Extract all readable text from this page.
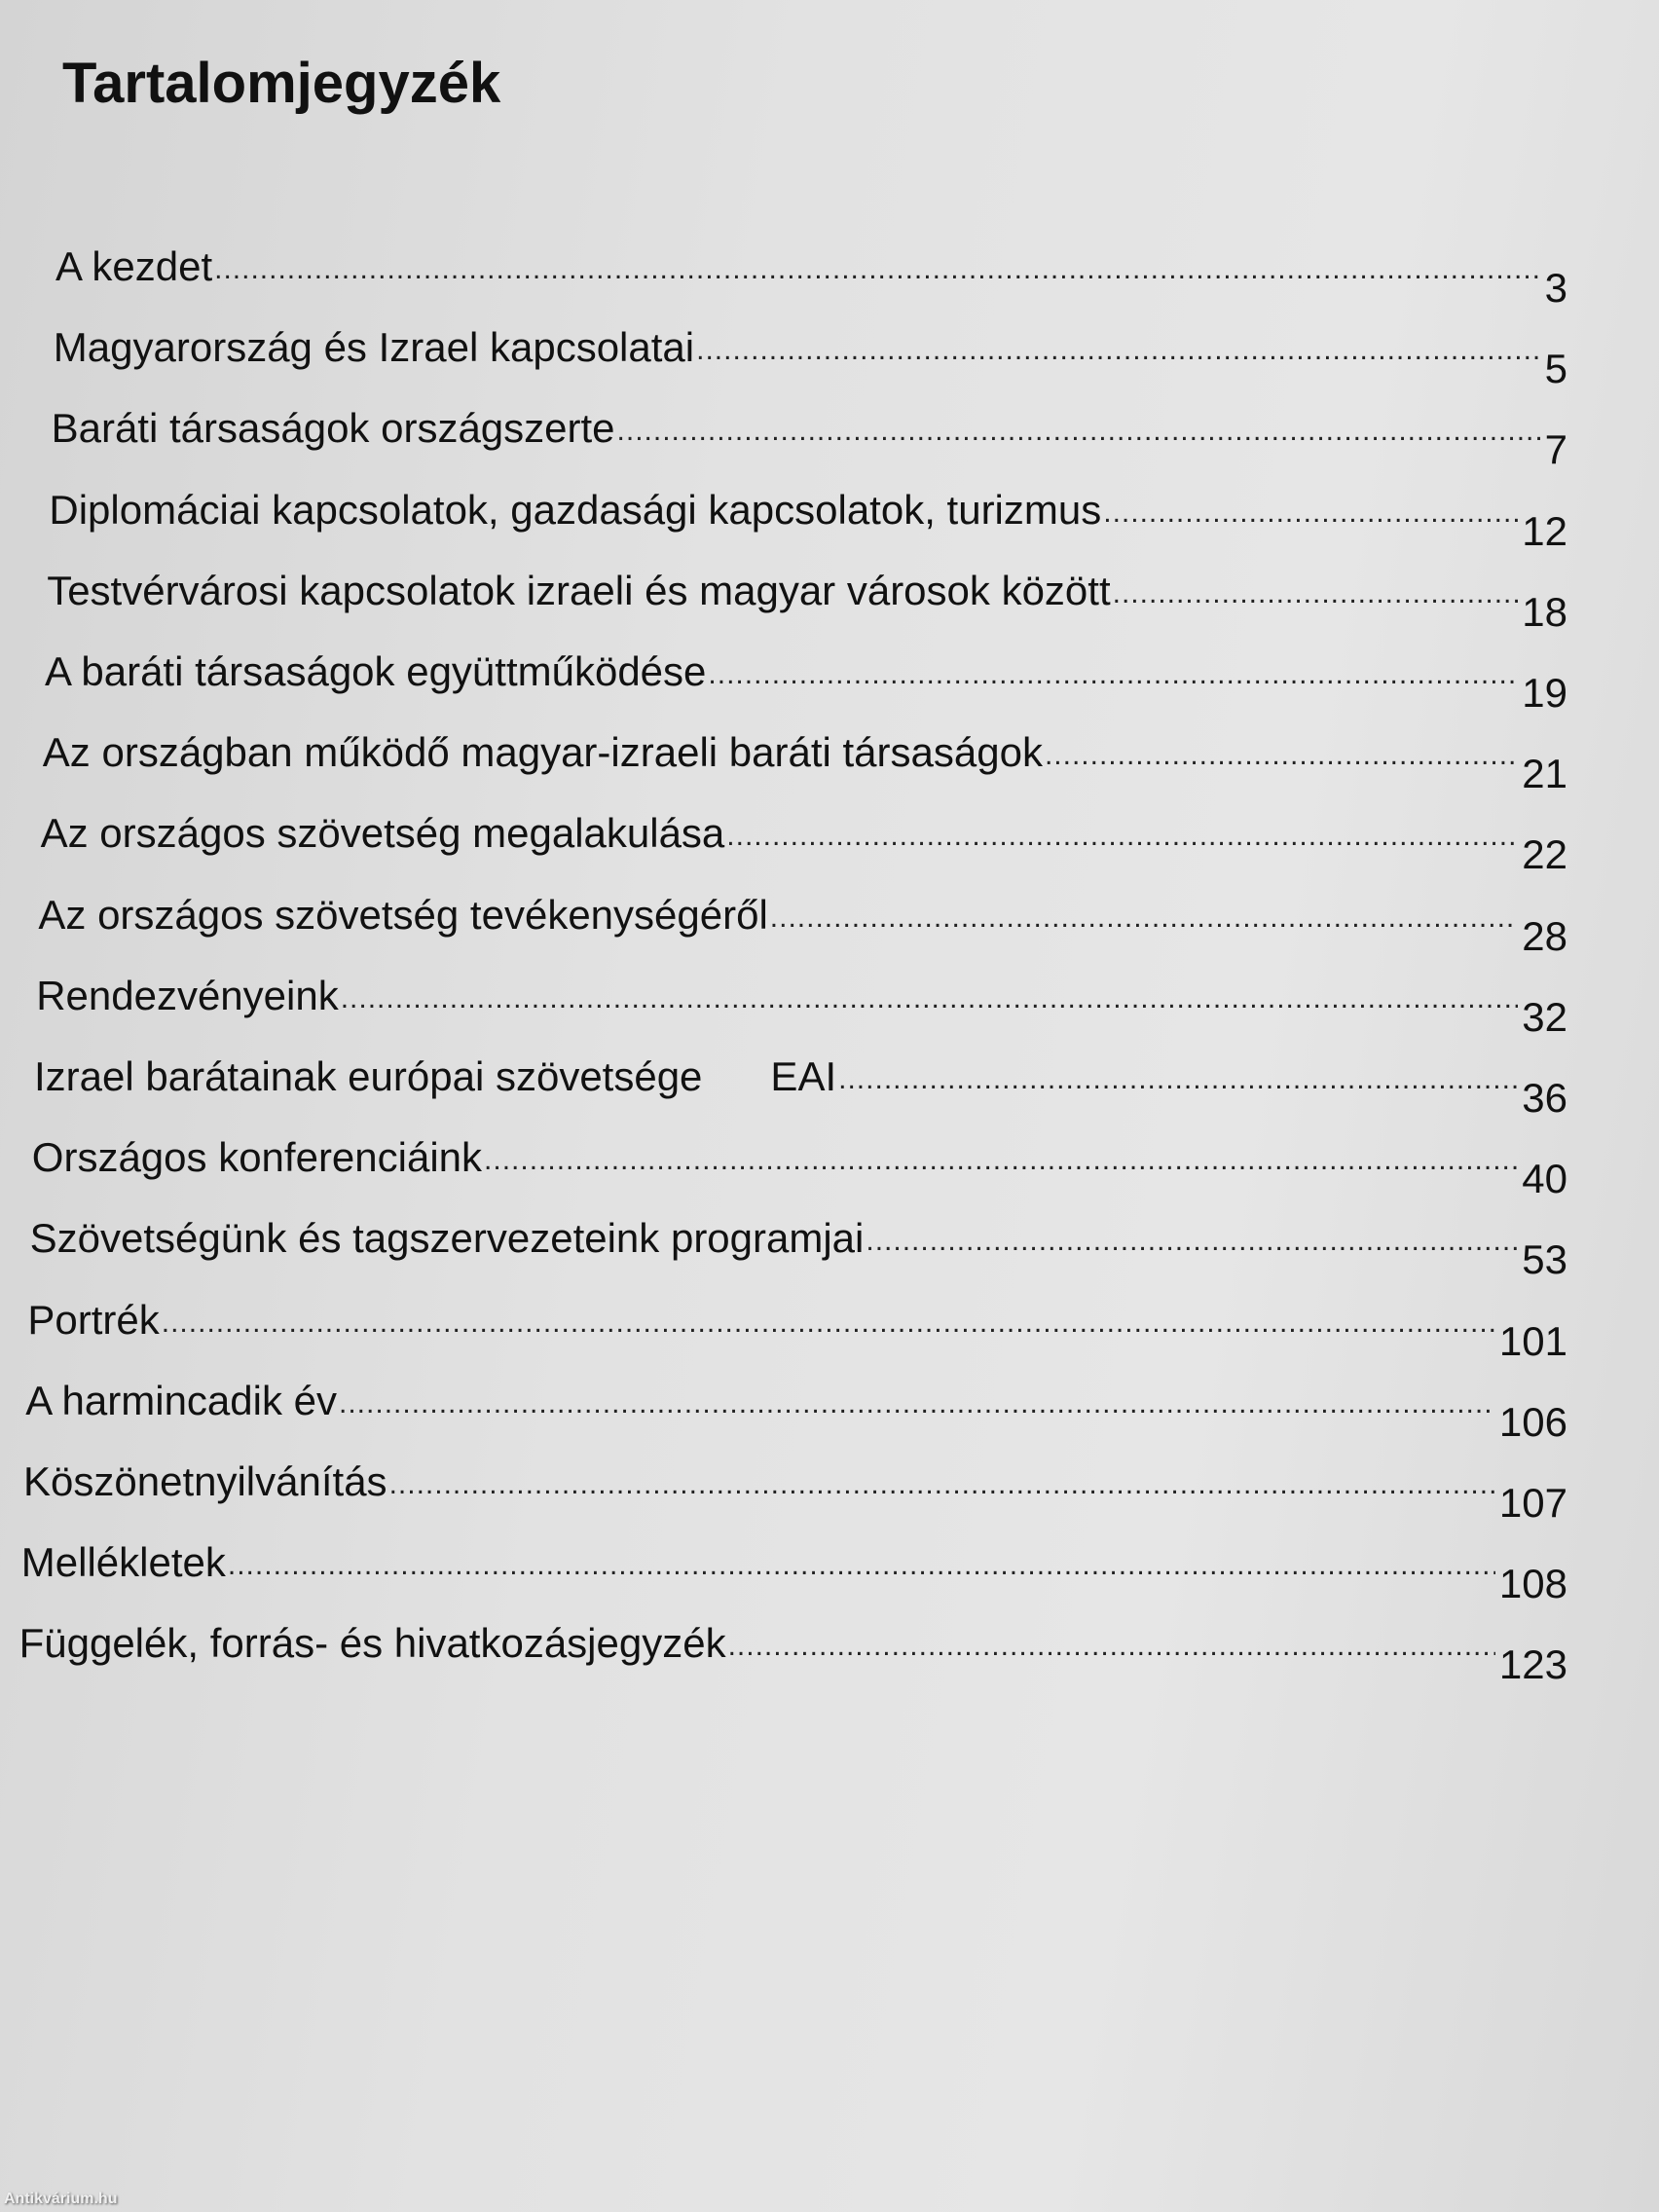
Tartalomjegyzék
A kezdet .....	3
Magyarország és Izrael kapcsolatai .....	5
Baráti társaságok országszerte .....	7
Diplomáciai kapcsolatok, gazdasági kapcsolatok, turizmus .....	12
Testvérvárosi kapcsolatok izraeli és magyar városok között .....	18
A baráti társaságok együttműködése .....	19
Az országban működő magyar-izraeli baráti társaságok .....	21
Az országos szövetség megalakulása .....	22
Az országos szövetség tevékenységéről .....	28
Rendezvényeink .....	32
Izrael barátainak európai szövetsége      EAI .....	36
Országos konferenciáink .....	40
Szövetségünk és tagszervezeteink programjai .....	53
Portrék .....	101
A harmincadik év .....	106
Köszönetnyilvánítás .....	107
Mellékletek .....	108
Függelék, forrás- és hivatkozásjegyzék .....	123
Antikvárium.hu
